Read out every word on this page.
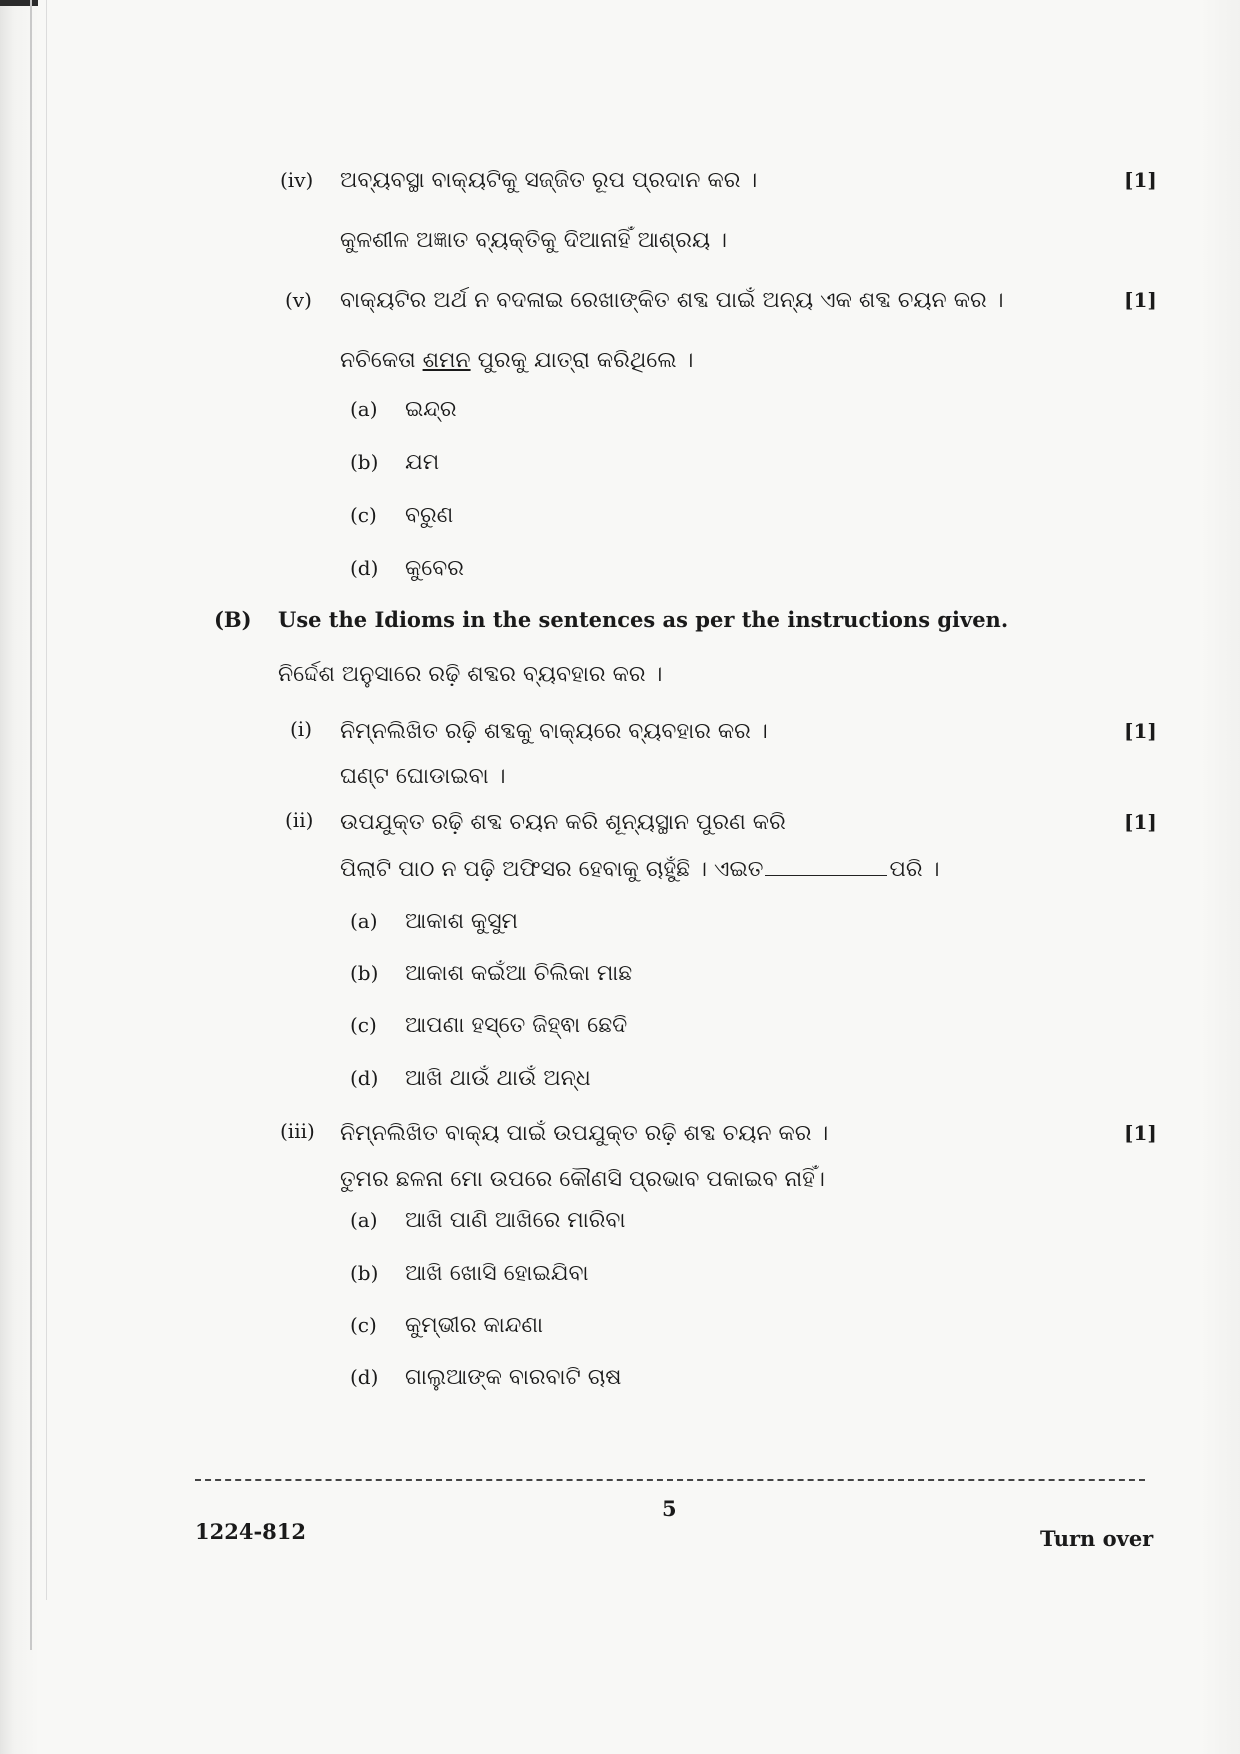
(iv) ଅବ୍ୟବସ୍ଥା ବାକ୍ୟଟିକୁ ସଜ୍ଜିତ ରୂପ ପ୍ରଦାନ କର ।	[1]
କୁଳଶୀଳ ଅଜ୍ଞାତ ବ୍ୟକ୍ତିକୁ ଦିଆନାହିଁ ଆଶ୍ରୟ ।
(v) ବାକ୍ୟଟିର ଅର୍ଥ ନ ବଦଳାଇ ରେଖାଙ୍କିତ ଶବ୍ଦ ପାଇଁ ଅନ୍ୟ ଏକ ଶବ୍ଦ ଚୟନ କର ।	[1]
ନଚିକେତା ଶମନ ପୁରକୁ ଯାତ୍ରା କରିଥିଲେ ।
(a) ଇନ୍ଦ୍ର
(b) ଯମ
(c) ବରୁଣ
(d) କୁବେର
(B) Use the Idioms in the sentences as per the instructions given.
ନିର୍ଦ୍ଦେଶ ଅନୁସାରେ ରଢ଼ି ଶବ୍ଦର ବ୍ୟବହାର କର ।
(i) ନିମ୍ନଲିଖିତ ରଢ଼ି ଶବ୍ଦକୁ ବାକ୍ୟରେ ବ୍ୟବହାର କର ।	[1]
ଘଣ୍ଟ ଘୋଡାଇବା ।
(ii) ଉପଯୁକ୍ତ ରଢ଼ି ଶବ୍ଦ ଚୟନ କରି ଶୂନ୍ୟସ୍ଥାନ ପୁରଣ କରି	[1]
ପିଲାଟି ପାଠ ନ ପଢ଼ି ଅଫିସର ହେବାକୁ ଚାହୁଁଛି । ଏଇତ	ପରି ।
(a) ଆକାଶ କୁସୁମ
(b) ଆକାଶ କଇଁଆ ଚିଲିକା ମାଛ
(c) ଆପଣା ହସ୍ତେ ଜିହ୍ଵା ଛେଦି
(d) ଆଖି ଥାଉଁ ଥାଉଁ ଅନ୍ଧ
(iii) ନିମ୍ନଲିଖିତ ବାକ୍ୟ ପାଇଁ ଉପଯୁକ୍ତ ରଢ଼ି ଶବ୍ଦ ଚୟନ କର ।	[1]
ତୁମର ଛଳନା ମୋ ଉପରେ କୌଣସି ପ୍ରଭାବ ପକାଇବ ନାହିଁ।
(a) ଆଖି ପାଣି ଆଖିରେ ମାରିବା
(b) ଆଖି ଖୋସି ହୋଇଯିବା
(c) କୁମ୍ଭୀର କାନ୍ଦଣା
(d) ଗାଲୁଆଙ୍କ ବାରବାଟି ଚାଷ
5
1224-812	Turn over
